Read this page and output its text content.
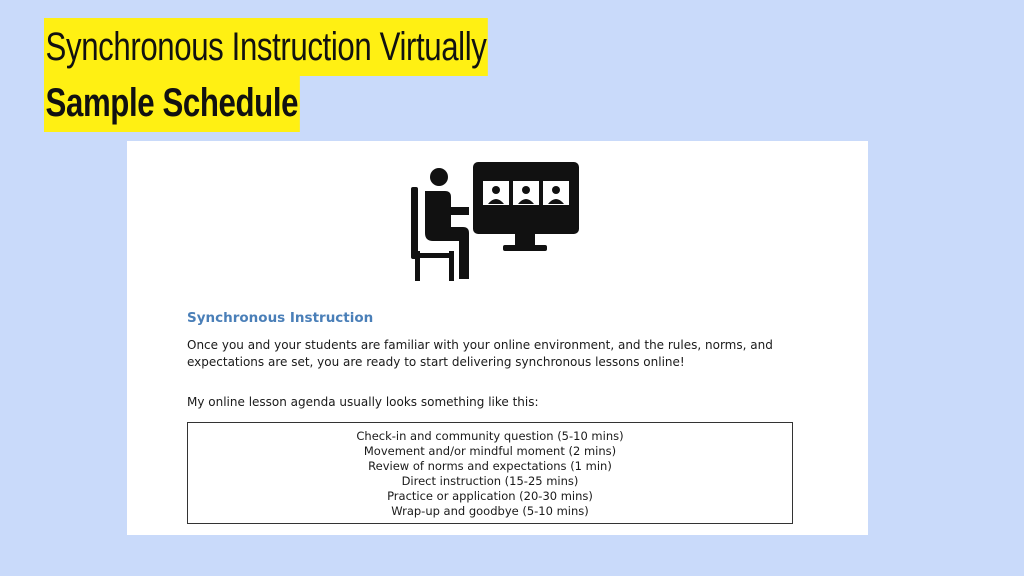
Synchronous Instruction Virtually
Sample Schedule
Synchronous Instruction
Once you and your students are familiar with your online environment, and the rules, norms, and expectations are set, you are ready to start delivering synchronous lessons online!
My online lesson agenda usually looks something like this:
Check-in and community question (5-10 mins)
Movement and/or mindful moment (2 mins)
Review of norms and expectations (1 min)
Direct instruction (15-25 mins)
Practice or application (20-30 mins)
Wrap-up and goodbye (5-10 mins)
